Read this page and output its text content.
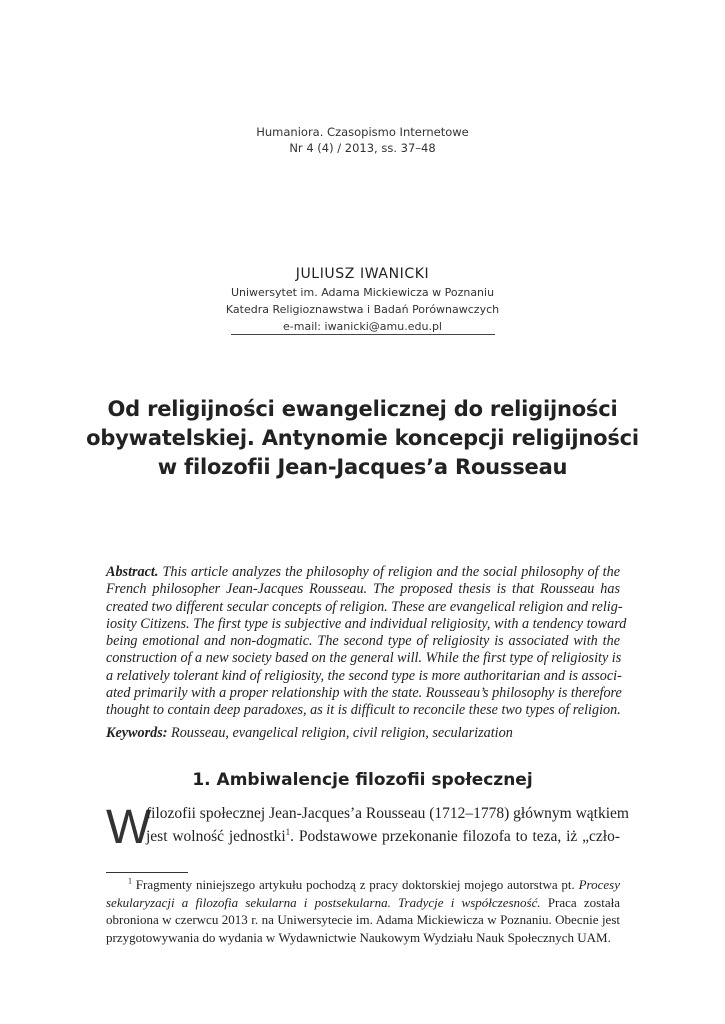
Humaniora. Czasopismo Internetowe
Nr 4 (4) / 2013, ss. 37–48
JULIUSZ IWANICKI
Uniwersytet im. Adama Mickiewicza w Poznaniu
Katedra Religioznawstwa i Badań Porównawczych
e-mail: iwanicki@amu.edu.pl
Od religijności ewangelicznej do religijności
obywatelskiej. Antynomie koncepcji religijności
w filozofii Jean-Jacques’a Rousseau
Abstract. This article analyzes the philosophy of religion and the social philosophy of the
French philosopher Jean-Jacques Rousseau. The proposed thesis is that Rousseau has
created two different secular concepts of religion. These are evangelical religion and relig-
iosity Citizens. The first type is subjective and individual religiosity, with a tendency toward
being emotional and non-dogmatic. The second type of religiosity is associated with the
construction of a new society based on the general will. While the first type of religiosity is
a relatively tolerant kind of religiosity, the second type is more authoritarian and is associ-
ated primarily with a proper relationship with the state. Rousseau’s philosophy is therefore
thought to contain deep paradoxes, as it is difficult to reconcile these two types of religion.
Keywords: Rousseau, evangelical religion, civil religion, secularization
1. Ambiwalencje filozofii społecznej
W
filozofii społecznej Jean-Jacques’a Rousseau (1712–1778) głównym wątkiem
jest wolność jednostki$^1$. Podstawowe przekonanie filozofa to teza, iż „czło-
$^1$ Fragmenty niniejszego artykułu pochodzą z pracy doktorskiej mojego autorstwa pt. Procesy
sekularyzacji a filozofia sekularna i postsekularna. Tradycje i współczesność. Praca została
obroniona w czerwcu 2013 r. na Uniwersytecie im. Adama Mickiewicza w Poznaniu. Obecnie jest
przygotowywania do wydania w Wydawnictwie Naukowym Wydziału Nauk Społecznych UAM.
